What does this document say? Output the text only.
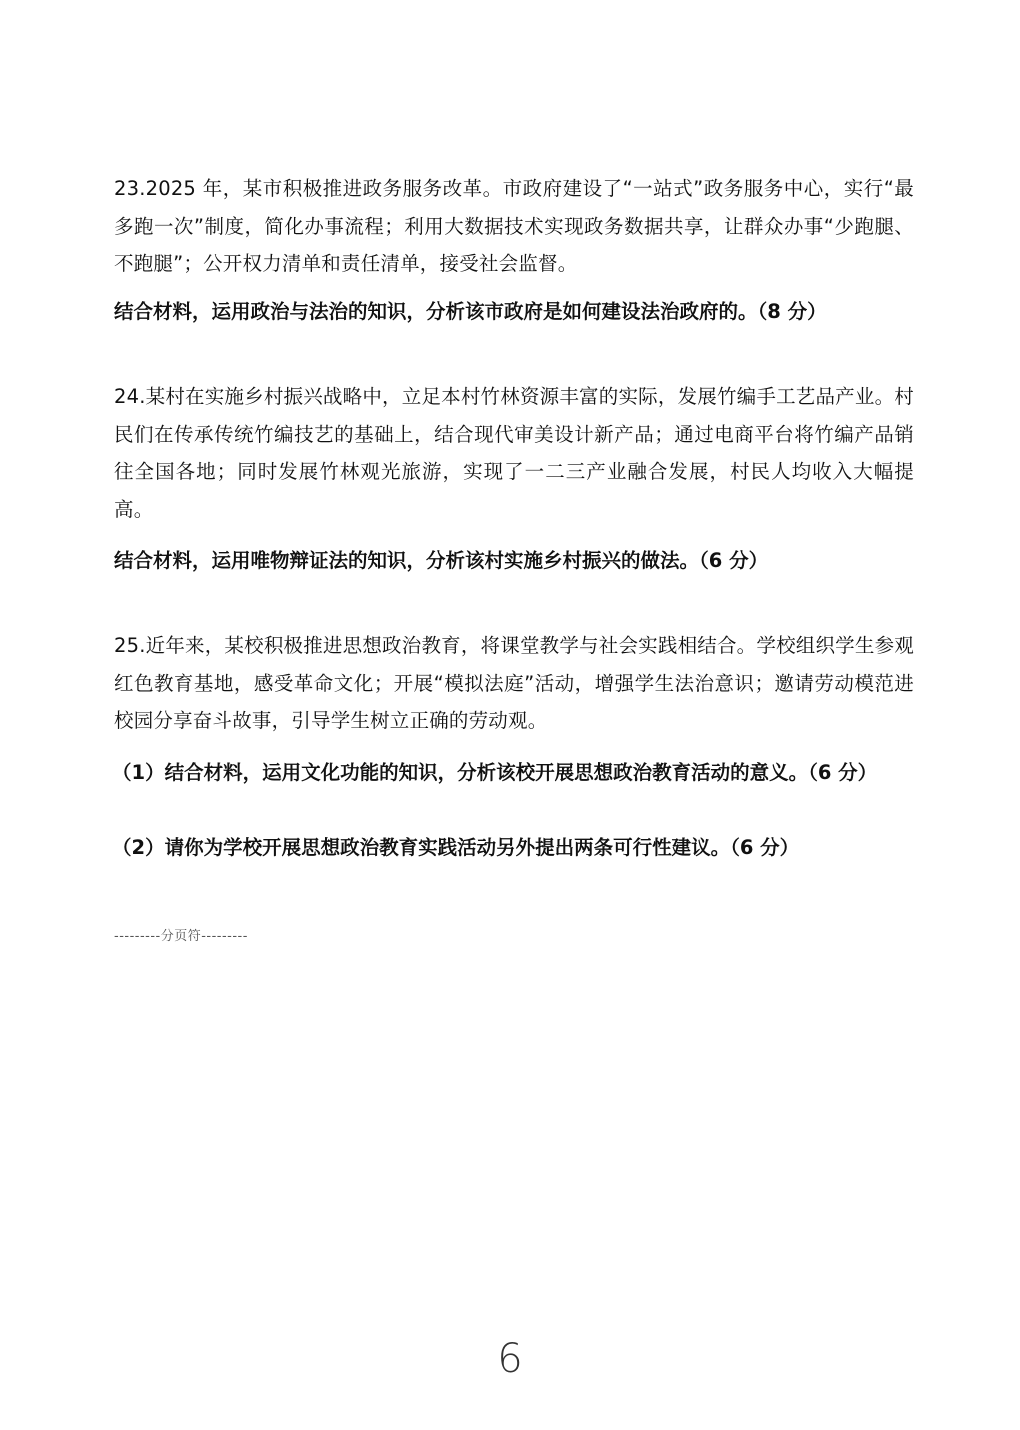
23.2025 年，某市积极推进政务服务改革。市政府建设了“一站式”政务服务中心，实行“最多跑一次”制度，简化办事流程；利用大数据技术实现政务数据共享，让群众办事“少跑腿、不跑腿”；公开权力清单和责任清单，接受社会监督。

结合材料，运用政治与法治的知识，分析该市政府是如何建设法治政府的。（8 分）

24.某村在实施乡村振兴战略中，立足本村竹林资源丰富的实际，发展竹编手工艺品产业。村民们在传承传统竹编技艺的基础上，结合现代审美设计新产品；通过电商平台将竹编产品销往全国各地；同时发展竹林观光旅游，实现了一二三产业融合发展，村民人均收入大幅提高。

结合材料，运用唯物辩证法的知识，分析该村实施乡村振兴的做法。（6 分）

25.近年来，某校积极推进思想政治教育，将课堂教学与社会实践相结合。学校组织学生参观红色教育基地，感受革命文化；开展“模拟法庭”活动，增强学生法治意识；邀请劳动模范进校园分享奋斗故事，引导学生树立正确的劳动观。

（1）结合材料，运用文化功能的知识，分析该校开展思想政治教育活动的意义。（6 分）

（2）请你为学校开展思想政治教育实践活动另外提出两条可行性建议。（6 分）

---------分页符---------
6
